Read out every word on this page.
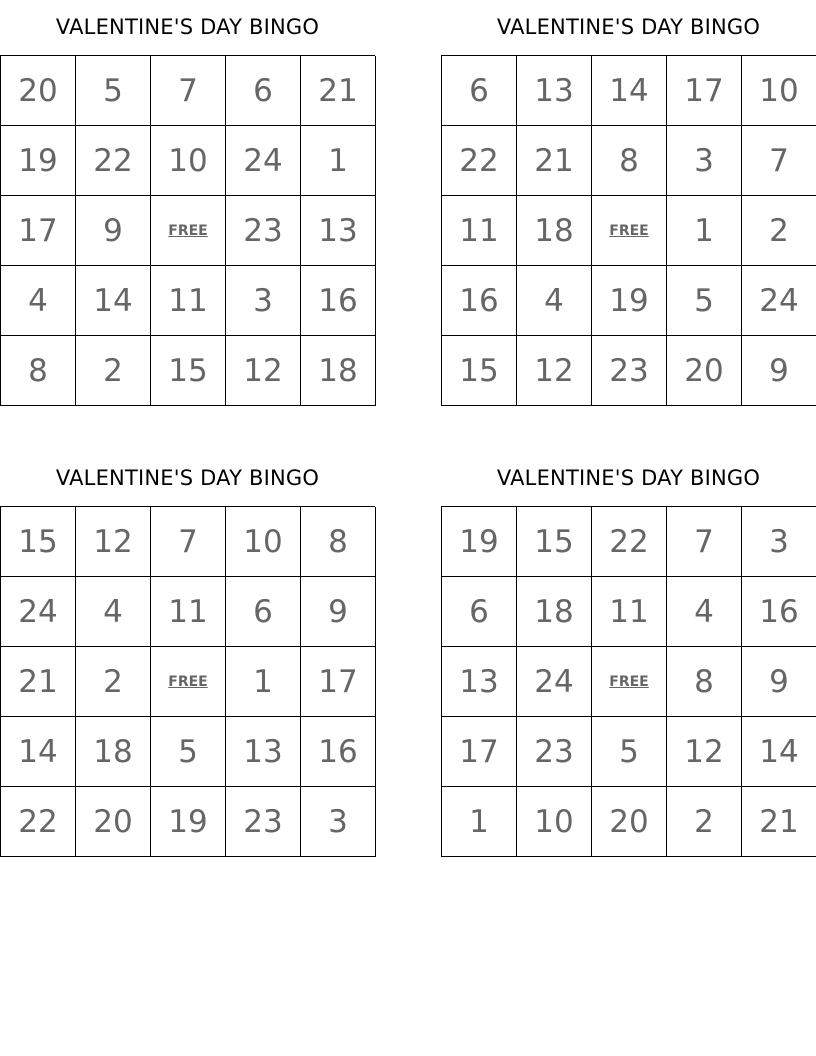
VALENTINE'S DAY BINGO
20	5	7	6	21
19	22	10	24	1
17	9	FREE	23	13
4	14	11	3	16
8	2	15	12	18
VALENTINE'S DAY BINGO
6	13	14	17	10
22	21	8	3	7
11	18	FREE	1	2
16	4	19	5	24
15	12	23	20	9
VALENTINE'S DAY BINGO
15	12	7	10	8
24	4	11	6	9
21	2	FREE	1	17
14	18	5	13	16
22	20	19	23	3
VALENTINE'S DAY BINGO
19	15	22	7	3
6	18	11	4	16
13	24	FREE	8	9
17	23	5	12	14
1	10	20	2	21
